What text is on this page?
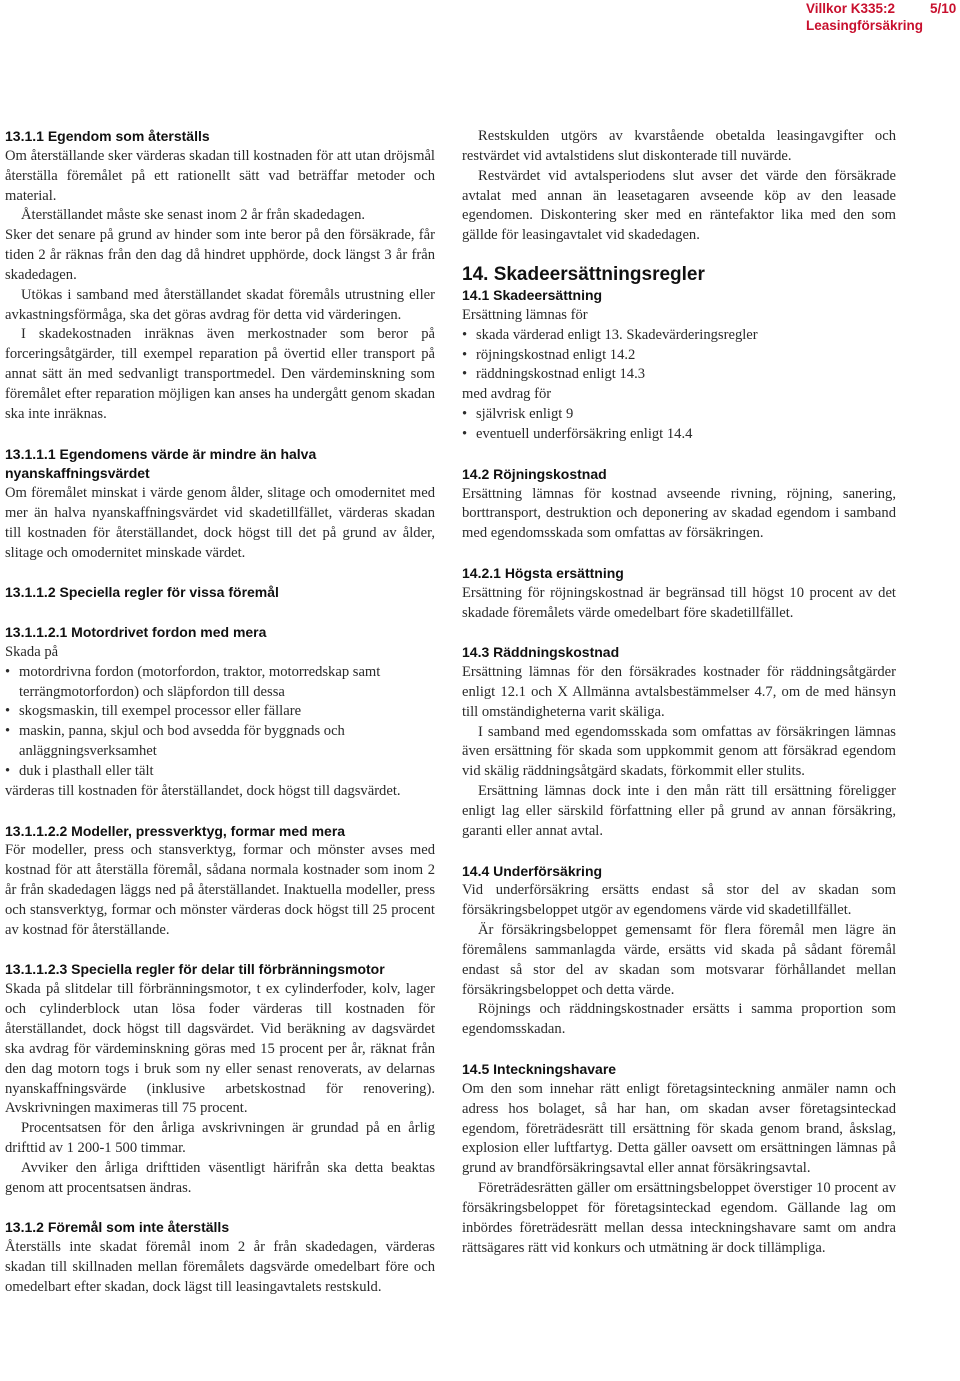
Villkor K335:2
Leasingförsäkring
5/10

13.1.1 Egendom som återställs

Om återställande sker värderas skadan till kostnaden för att utan dröjsmål återställa föremålet på ett rationellt sätt vad beträffar metoder och material.

Återställandet måste ske senast inom 2 år från skadedagen.

Sker det senare på grund av hinder som inte beror på den försäkrade, får tiden 2 år räknas från den dag då hindret upphörde, dock längst 3 år från skadedagen.

Utökas i samband med återställandet skadat föremåls utrustning eller avkastningsförmåga, ska det göras avdrag för detta vid värderingen.

I skadekostnaden inräknas även merkostnader som beror på forceringsåtgärder, till exempel reparation på övertid eller transport på annat sätt än med sedvanligt transportmedel. Den värdeminskning som föremålet efter reparation möjligen kan anses ha undergått genom skadan ska inte inräknas.

13.1.1.1 Egendomens värde är mindre än halva nyanskaffningsvärdet

Om föremålet minskat i värde genom ålder, slitage och omodernitet med mer än halva nyanskaffningsvärdet vid skadetillfället, värderas skadan till kostnaden för återställandet, dock högst till det på grund av ålder, slitage och omodernitet minskade värdet.

13.1.1.2 Speciella regler för vissa föremål

13.1.1.2.1 Motordrivet fordon med mera

Skada på

• motordrivna fordon (motorfordon, traktor, motorredskap samt terrängmotorfordon) och släpfordon till dessa
• skogsmaskin, till exempel processor eller fällare
• maskin, panna, skjul och bod avsedda för byggnads och anläggningsverksamhet
• duk i plasthall eller tält

värderas till kostnaden för återställandet, dock högst till dagsvärdet.

13.1.1.2.2 Modeller, pressverktyg, formar med mera

För modeller, press och stansverktyg, formar och mönster avses med kostnad för att återställa föremål, sådana normala kostnader som inom 2 år från skadedagen läggs ned på återställandet. Inaktuella modeller, press och stansverktyg, formar och mönster värderas dock högst till 25 procent av kostnad för återställande.

13.1.1.2.3 Speciella regler för delar till förbränningsmotor

Skada på slitdelar till förbränningsmotor, t ex cylinderfoder, kolv, lager och cylinderblock utan lösa foder värderas till kostnaden för återställandet, dock högst till dagsvärdet. Vid beräkning av dagsvärdet ska avdrag för värdeminskning göras med 15 procent per år, räknat från den dag motorn togs i bruk som ny eller senast renoverats, av delarnas nyanskaffningsvärde (inklusive arbetskostnad för renovering). Avskrivningen maximeras till 75 procent.

Procentsatsen för den årliga avskrivningen är grundad på en årlig drifttid av 1 200-1 500 timmar.

Avviker den årliga drifttiden väsentligt härifrån ska detta beaktas genom att procentsatsen ändras.

13.1.2 Föremål som inte återställs

Återställs inte skadat föremål inom 2 år från skadedagen, värderas skadan till skillnaden mellan föremålets dagsvärde omedelbart före och omedelbart efter skadan, dock lägst till leasingavtalets restskuld.

Restskulden utgörs av kvarstående obetalda leasingavgifter och restvärdet vid avtalstidens slut diskonterade till nuvärde.

Restvärdet vid avtalsperiodens slut avser det värde den försäkrade avtalat med annan än leasetagaren avseende köp av den leasade egendomen. Diskontering sker med en räntefaktor lika med den som gällde för leasingavtalet vid skadedagen.

14. Skadeersättningsregler

14.1 Skadeersättning

Ersättning lämnas för

• skada värderad enligt 13. Skadevärderingsregler
• röjningskostnad enligt 14.2
• räddningskostnad enligt 14.3

med avdrag för

• självrisk enligt 9
• eventuell underförsäkring enligt 14.4

14.2 Röjningskostnad

Ersättning lämnas för kostnad avseende rivning, röjning, sanering, borttransport, destruktion och deponering av skadad egendom i samband med egendomsskada som omfattas av försäkringen.

14.2.1 Högsta ersättning

Ersättning för röjningskostnad är begränsad till högst 10 procent av det skadade föremålets värde omedelbart före skadetillfället.

14.3 Räddningskostnad

Ersättning lämnas för den försäkrades kostnader för räddningsåtgärder enligt 12.1 och X Allmänna avtalsbestämmelser 4.7, om de med hänsyn till omständigheterna varit skäliga.

I samband med egendomsskada som omfattas av försäkringen lämnas även ersättning för skada som uppkommit genom att försäkrad egendom vid skälig räddningsåtgärd skadats, förkommit eller stulits.

Ersättning lämnas dock inte i den mån rätt till ersättning föreligger enligt lag eller särskild författning eller på grund av annan försäkring, garanti eller annat avtal.

14.4 Underförsäkring

Vid underförsäkring ersätts endast så stor del av skadan som försäkringsbeloppet utgör av egendomens värde vid skadetillfället.

Är försäkringsbeloppet gemensamt för flera föremål men lägre än föremålens sammanlagda värde, ersätts vid skada på sådant föremål endast så stor del av skadan som motsvarar förhållandet mellan försäkringsbeloppet och detta värde.

Röjnings och räddningskostnader ersätts i samma proportion som egendomsskadan.

14.5 Inteckningshavare

Om den som innehar rätt enligt företagsinteckning anmäler namn och adress hos bolaget, så har han, om skadan avser företagsinteckad egendom, företrädesrätt till ersättning för skada genom brand, åskslag, explosion eller luftfartyg. Detta gäller oavsett om ersättningen lämnas på grund av brandförsäkringsavtal eller annat försäkringsavtal.

Företrädesrätten gäller om ersättningsbeloppet överstiger 10 procent av försäkringsbeloppet för företagsinteckad egendom. Gällande lag om inbördes företrädesrätt mellan dessa inteckningshavare samt om andra rättsägares rätt vid konkurs och utmätning är dock tillämpliga.
